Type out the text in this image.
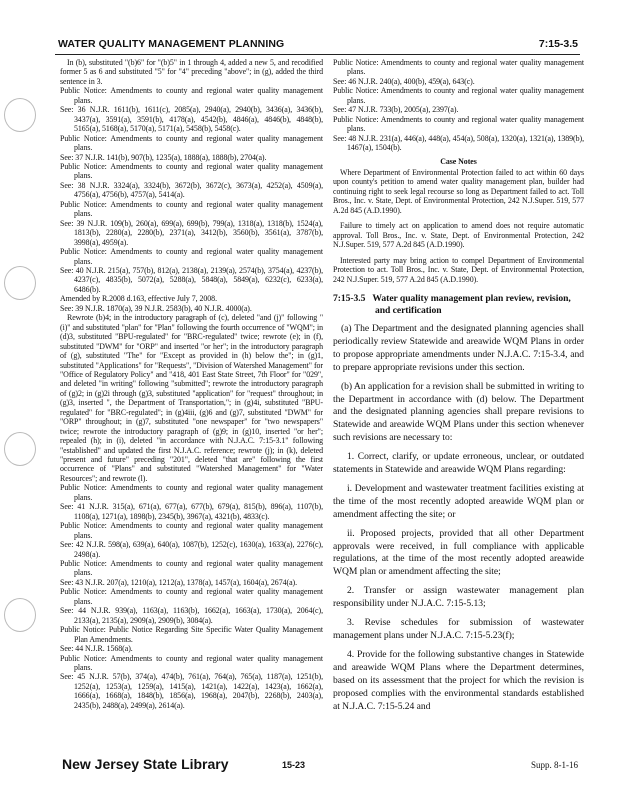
WATER QUALITY MANAGEMENT PLANNING	7:15-3.5

In (b), substituted "(b)6" for "(b)5" in 1 through 4, added a new 5, and recodified former 5 as 6 and substituted "5" for "4" preceding "above"; in (g), added the third sentence in 3.

Public Notice: Amendments to county and regional water quality management plans.

See: 36 N.J.R. 1611(b), 1611(c), 2085(a), 2940(a), 2940(b), 3436(a), 3436(b), 3437(a), 3591(a), 3591(b), 4178(a), 4542(b), 4846(a), 4846(b), 4848(b), 5165(a), 5168(a), 5170(a), 5171(a), 5458(b), 5458(c).

Public Notice: Amendments to county and regional water quality management plans.

See: 37 N.J.R. 141(b), 907(b), 1235(a), 1888(a), 1888(b), 2704(a).

Public Notice: Amendments to county and regional water quality management plans.

See: 38 N.J.R. 3324(a), 3324(b), 3672(b), 3672(c), 3673(a), 4252(a), 4509(a), 4756(a), 4756(b), 4757(a), 5414(a).

Public Notice: Amendments to county and regional water quality management plans.

See: 39 N.J.R. 109(b), 260(a), 699(a), 699(b), 799(a), 1318(a), 1318(b), 1524(a), 1813(b), 2280(a), 2280(b), 2371(a), 3412(b), 3560(b), 3561(a), 3787(b), 3998(a), 4959(a).

Public Notice: Amendments to county and regional water quality management plans.

See: 40 N.J.R. 215(a), 757(b), 812(a), 2138(a), 2139(a), 2574(b), 3754(a), 4237(b), 4237(c), 4835(b), 5072(a), 5288(a), 5848(a), 5849(a), 6232(c), 6233(a), 6486(b).

Amended by R.2008 d.163, effective July 7, 2008.

See: 39 N.J.R. 1870(a), 39 N.J.R. 2583(b), 40 N.J.R. 4000(a).

Rewrote (b)4; in the introductory paragraph of (c), deleted "and (j)" following "(i)" and substituted "plan" for "Plan" following the fourth occurrence of "WQM"; in (d)3, substituted "BPU-regulated" for "BRC-regulated" twice; rewrote (e); in (f), substituted "DWM" for "ORP" and inserted "or her"; in the introductory paragraph of (g), substituted "The" for "Except as provided in (h) below the"; in (g)1, substituted "Applications" for "Requests", "Division of Watershed Management" for "Office of Regulatory Policy" and "418, 401 East State Street, 7th Floor" for "029", and deleted "in writing" following "submitted"; rewrote the introductory paragraph of (g)2; in (g)2i through (g)3, substituted "application" for "request" throughout; in (g)3, inserted ", the Department of Transportation,"; in (g)4i, substituted "BPU-regulated" for "BRC-regulated"; in (g)4iii, (g)6 and (g)7, substituted "DWM" for "ORP" throughout; in (g)7, substituted "one newspaper" for "two newspapers" twice; rewrote the introductory paragraph of (g)9; in (g)10, inserted "or her"; repealed (h); in (i), deleted "in accordance with N.J.A.C. 7:15-3.1" following "established" and updated the first N.J.A.C. reference; rewrote (j); in (k), deleted "present and future" preceding "201", deleted "that are" following the first occurrence of "Plans" and substituted "Watershed Management" for "Water Resources"; and rewrote (l).

Public Notice: Amendments to county and regional water quality management plans.

See: 41 N.J.R. 315(a), 671(a), 677(a), 677(b), 679(a), 815(b), 896(a), 1107(b), 1108(a), 1271(a), 1898(b), 2345(b), 3967(a), 4321(b), 4833(c).

Public Notice: Amendments to county and regional water quality management plans.

See: 42 N.J.R. 598(a), 639(a), 640(a), 1087(b), 1252(c), 1630(a), 1633(a), 2276(c), 2498(a).

Public Notice: Amendments to county and regional water quality management plans.

See: 43 N.J.R. 207(a), 1210(a), 1212(a), 1378(a), 1457(a), 1604(a), 2674(a).

Public Notice: Amendments to county and regional water quality management plans.

See: 44 N.J.R. 939(a), 1163(a), 1163(b), 1662(a), 1663(a), 1730(a), 2064(c), 2133(a), 2135(a), 2909(a), 2909(b), 3084(a).

Public Notice: Public Notice Regarding Site Specific Water Quality Management Plan Amendments.

See: 44 N.J.R. 1568(a).

Public Notice: Amendments to county and regional water quality management plans.

See: 45 N.J.R. 57(b), 374(a), 474(b), 761(a), 764(a), 765(a), 1187(a), 1251(b), 1252(a), 1253(a), 1259(a), 1415(a), 1421(a), 1422(a), 1423(a), 1662(a), 1666(a), 1668(a), 1848(b), 1856(a), 1968(a), 2047(b), 2268(b), 2403(a), 2435(b), 2488(a), 2499(a), 2614(a).

Public Notice: Amendments to county and regional water quality management plans.

See: 46 N.J.R. 240(a), 400(b), 459(a), 643(c).

Public Notice: Amendments to county and regional water quality management plans.

See: 47 N.J.R. 733(b), 2005(a), 2397(a).

Public Notice: Amendments to county and regional water quality management plans.

See: 48 N.J.R. 231(a), 446(a), 448(a), 454(a), 508(a), 1320(a), 1321(a), 1389(b), 1467(a), 1504(b).

Case Notes

Where Department of Environmental Protection failed to act within 60 days upon county's petition to amend water quality management plan, builder had continuing right to seek legal recourse so long as Department failed to act. Toll Bros., Inc. v. State, Dept. of Environmental Protection, 242 N.J.Super. 519, 577 A.2d 845 (A.D.1990).

Failure to timely act on application to amend does not require automatic approval. Toll Bros., Inc. v. State, Dept. of Environmental Protection, 242 N.J.Super. 519, 577 A.2d 845 (A.D.1990).

Interested party may bring action to compel Department of Environmental Protection to act. Toll Bros., Inc. v. State, Dept. of Environmental Protection, 242 N.J.Super. 519, 577 A.2d 845 (A.D.1990).

7:15-3.5 Water quality management plan review, revision, and certification

(a) The Department and the designated planning agencies shall periodically review Statewide and areawide WQM Plans in order to propose appropriate amendments under N.J.A.C. 7:15-3.4, and to prepare appropriate revisions under this section.

(b) An application for a revision shall be submitted in writing to the Department in accordance with (d) below. The Department and the designated planning agencies shall prepare revisions to Statewide and areawide WQM Plans under this section whenever such revisions are necessary to:

1. Correct, clarify, or update erroneous, unclear, or outdated statements in Statewide and areawide WQM Plans regarding:

i. Development and wastewater treatment facilities existing at the time of the most recently adopted areawide WQM plan or amendment affecting the site; or

ii. Proposed projects, provided that all other Department approvals were received, in full compliance with applicable regulations, at the time of the most recently adopted areawide WQM plan or amendment affecting the site;

2. Transfer or assign wastewater management plan responsibility under N.J.A.C. 7:15-5.13;

3. Revise schedules for submission of wastewater management plans under N.J.A.C. 7:15-5.23(f);

4. Provide for the following substantive changes in Statewide and areawide WQM Plans where the Department determines, based on its assessment that the project for which the revision is proposed complies with the environmental standards established at N.J.A.C. 7:15-5.24 and

New Jersey State Library	15-23	Supp. 8-1-16
